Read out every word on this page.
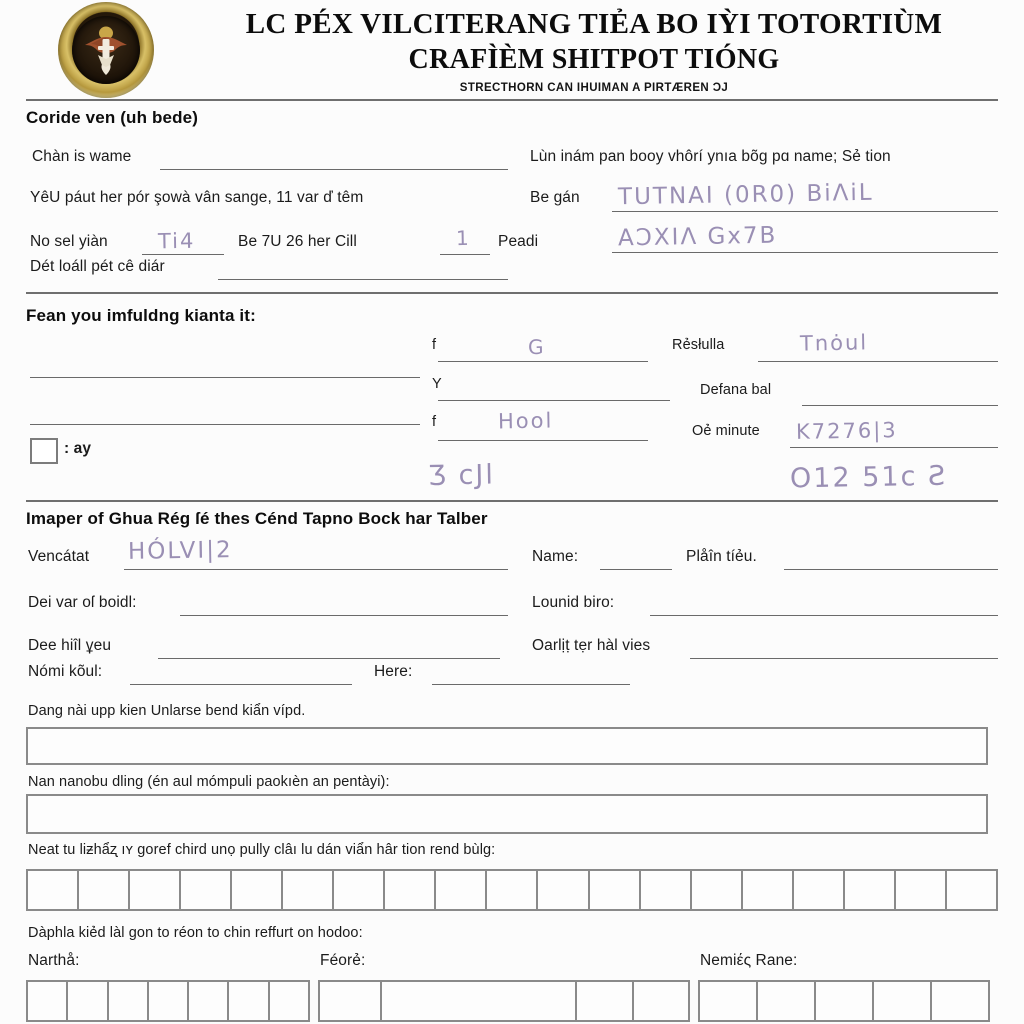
LC PÉX VILCITERANG TIẺA BO IỲI TOTORTIÙM
CRAFÌÈM SHITPOT TIÓNG
STRECTHORN CAN IHUIMAN A PIRTÆREN ƆJ
Coride ven (uh bede)
Chàn is wame
YêU páut her pór şowà vân sange, 11 var ď têm
No sel yiàn Ti4	Be 7U 26 her Cill	1 Peadi
Dét loáll pét cê diár
Lùn inám pan booy vhôrí ynıa bõg pɑ name; Sẻ tion
Be gán TUTNAI (0R0) BiΛiL
AƆXIΛ Gx7B
Fean you imfuldng kianta it:
: ay
f	G
Y
f	Hool
Rẻsłulla	Tnȯul
Defana bal
Oẻ minute K7276|3
Ʒ cJl	O12 51ᴄ Ƨ
Imaper of Ghua Rég ſé thes Cénd Tapno Bock har Talber
Vencátat HÓLVI|2
Dei var oſ boidl:
Dee hiîl ұeu
Nómi kõul:	Here:
Name:	Plåîn tíẻu.
Lounid biro:
Oarlịṭ tẹr hàl vies
Dang nài upp kien Unlarse bend kiẩn vípd.
Nan nanobu dling (én aul mómpuli paokıèn an pentàyi):
Neat tu liƶhẩʐ ıʏ goref chird unọ pully clâı lu dán viẩn hâr tion rend bùlg:
Dàphla kiẻd làl gon to réon to chin reffurt on hodoo:
Narthå:	Féorẻ:	Nemiές Rane:
